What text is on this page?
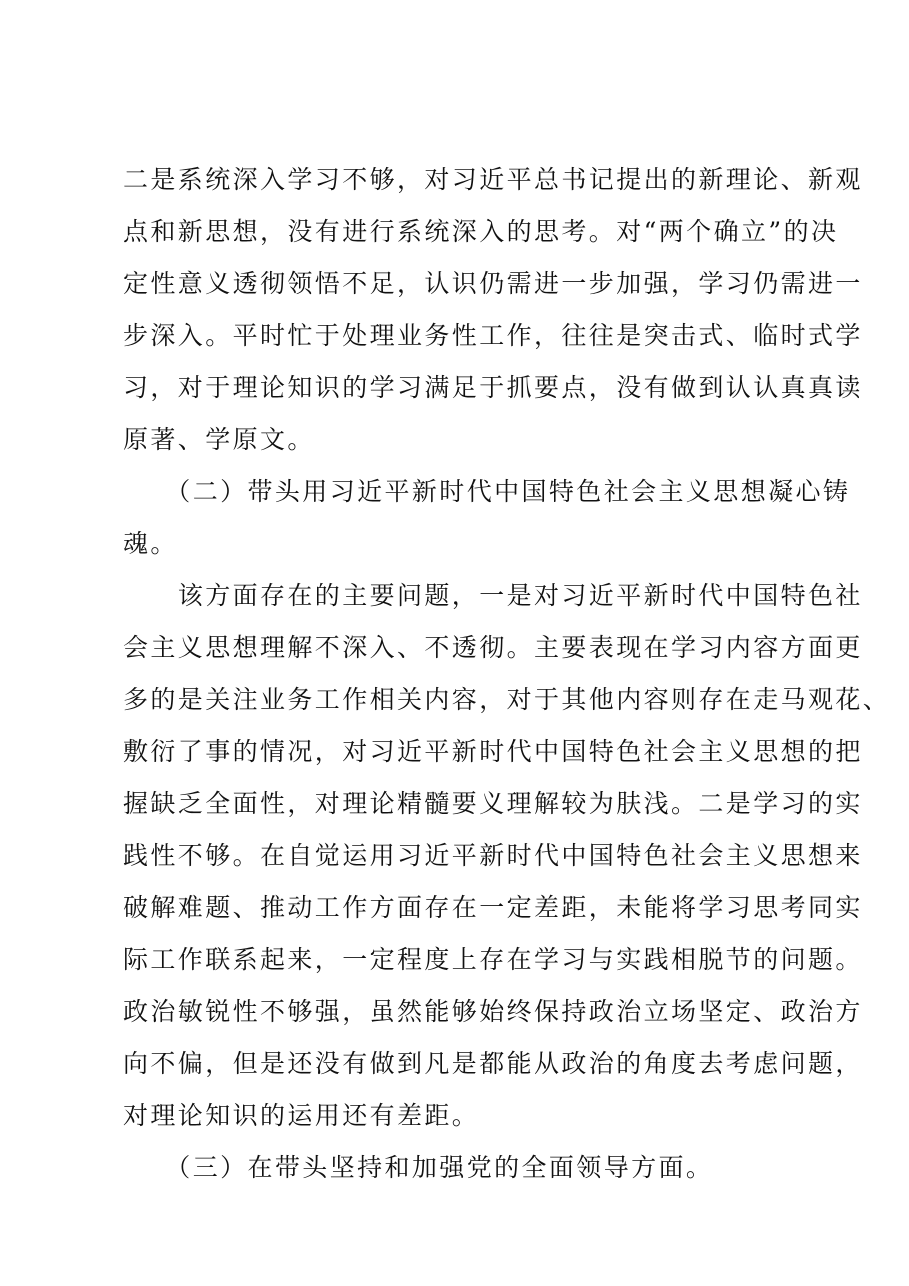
二是系统深入学习不够，对习近平总书记提出的新理论、新观
点和新思想，没有进行系统深入的思考。对“两个确立”的决
定性意义透彻领悟不足，认识仍需进一步加强，学习仍需进一
步深入。平时忙于处理业务性工作，往往是突击式、临时式学
习，对于理论知识的学习满足于抓要点，没有做到认认真真读
原著、学原文。
　　（二）带头用习近平新时代中国特色社会主义思想凝心铸
魂。
　　该方面存在的主要问题，一是对习近平新时代中国特色社
会主义思想理解不深入、不透彻。主要表现在学习内容方面更
多的是关注业务工作相关内容，对于其他内容则存在走马观花、
敷衍了事的情况，对习近平新时代中国特色社会主义思想的把
握缺乏全面性，对理论精髓要义理解较为肤浅。二是学习的实
践性不够。在自觉运用习近平新时代中国特色社会主义思想来
破解难题、推动工作方面存在一定差距，未能将学习思考同实
际工作联系起来，一定程度上存在学习与实践相脱节的问题。
政治敏锐性不够强，虽然能够始终保持政治立场坚定、政治方
向不偏，但是还没有做到凡是都能从政治的角度去考虑问题，
对理论知识的运用还有差距。
　　（三）在带头坚持和加强党的全面领导方面。
